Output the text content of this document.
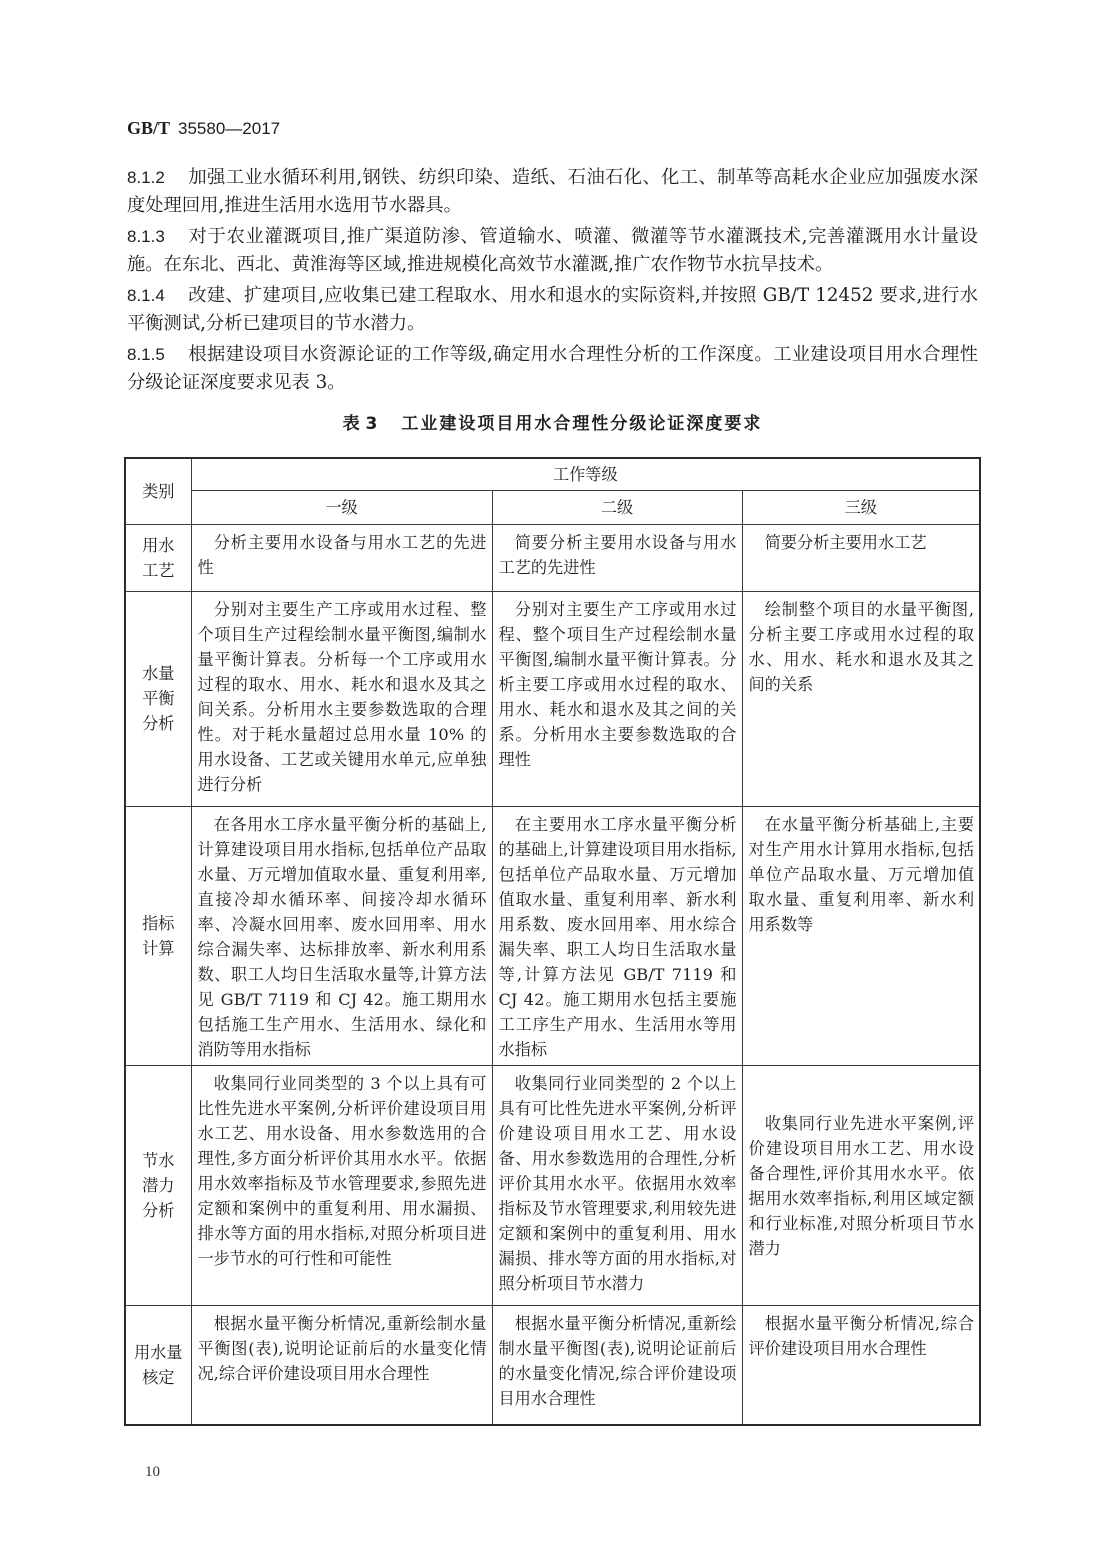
GB/T 35580—2017

8.1.2 加强工业水循环利用,钢铁、纺织印染、造纸、石油石化、化工、制革等高耗水企业应加强废水深度处理回用,推进生活用水选用节水器具。

8.1.3 对于农业灌溉项目,推广渠道防渗、管道输水、喷灌、微灌等节水灌溉技术,完善灌溉用水计量设施。在东北、西北、黄淮海等区域,推进规模化高效节水灌溉,推广农作物节水抗旱技术。

8.1.4 改建、扩建项目,应收集已建工程取水、用水和退水的实际资料,并按照 GB/T 12452 要求,进行水平衡测试,分析已建项目的节水潜力。

8.1.5 根据建设项目水资源论证的工作等级,确定用水合理性分析的工作深度。工业建设项目用水合理性分级论证深度要求见表 3。

表 3 工业建设项目用水合理性分级论证深度要求
类别	工作等级		
	一级	二级	三级
用水
工艺	分析主要用水设备与用水工艺的先进性	简要分析主要用水设备与用水工艺的先进性	简要分析主要用水工艺
水量
平衡
分析	分别对主要生产工序或用水过程、整个项目生产过程绘制水量平衡图,编制水量平衡计算表。分析每一个工序或用水过程的取水、用水、耗水和退水及其之间关系。分析用水主要参数选取的合理性。对于耗水量超过总用水量 10% 的用水设备、工艺或关键用水单元,应单独进行分析	分别对主要生产工序或用水过程、整个项目生产过程绘制水量平衡图,编制水量平衡计算表。分析主要工序或用水过程的取水、用水、耗水和退水及其之间的关系。分析用水主要参数选取的合理性	绘制整个项目的水量平衡图,分析主要工序或用水过程的取水、用水、耗水和退水及其之间的关系
指标
计算	在各用水工序水量平衡分析的基础上,计算建设项目用水指标,包括单位产品取水量、万元增加值取水量、重复利用率,直接冷却水循环率、间接冷却水循环率、冷凝水回用率、废水回用率、用水综合漏失率、达标排放率、新水利用系数、职工人均日生活取水量等,计算方法见 GB/T 7119 和 CJ 42。施工期用水包括施工生产用水、生活用水、绿化和消防等用水指标	在主要用水工序水量平衡分析的基础上,计算建设项目用水指标,包括单位产品取水量、万元增加值取水量、重复利用率、新水利用系数、废水回用率、用水综合漏失率、职工人均日生活取水量等,计算方法见 GB/T 7119 和 CJ 42。施工期用水包括主要施工工序生产用水、生活用水等用水指标	在水量平衡分析基础上,主要对生产用水计算用水指标,包括单位产品取水量、万元增加值取水量、重复利用率、新水利用系数等
节水
潜力
分析	收集同行业同类型的 3 个以上具有可比性先进水平案例,分析评价建设项目用水工艺、用水设备、用水参数选用的合理性,多方面分析评价其用水水平。依据用水效率指标及节水管理要求,参照先进定额和案例中的重复利用、用水漏损、排水等方面的用水指标,对照分析项目进一步节水的可行性和可能性	收集同行业同类型的 2 个以上具有可比性先进水平案例,分析评价建设项目用水工艺、用水设备、用水参数选用的合理性,分析评价其用水水平。依据用水效率指标及节水管理要求,利用较先进定额和案例中的重复利用、用水漏损、排水等方面的用水指标,对照分析项目节水潜力	收集同行业先进水平案例,评价建设项目用水工艺、用水设备合理性,评价其用水水平。依据用水效率指标,利用区域定额和行业标准,对照分析项目节水潜力
用水量
核定	根据水量平衡分析情况,重新绘制水量平衡图(表),说明论证前后的水量变化情况,综合评价建设项目用水合理性	根据水量平衡分析情况,重新绘制水量平衡图(表),说明论证前后的水量变化情况,综合评价建设项目用水合理性	根据水量平衡分析情况,综合评价建设项目用水合理性
10
